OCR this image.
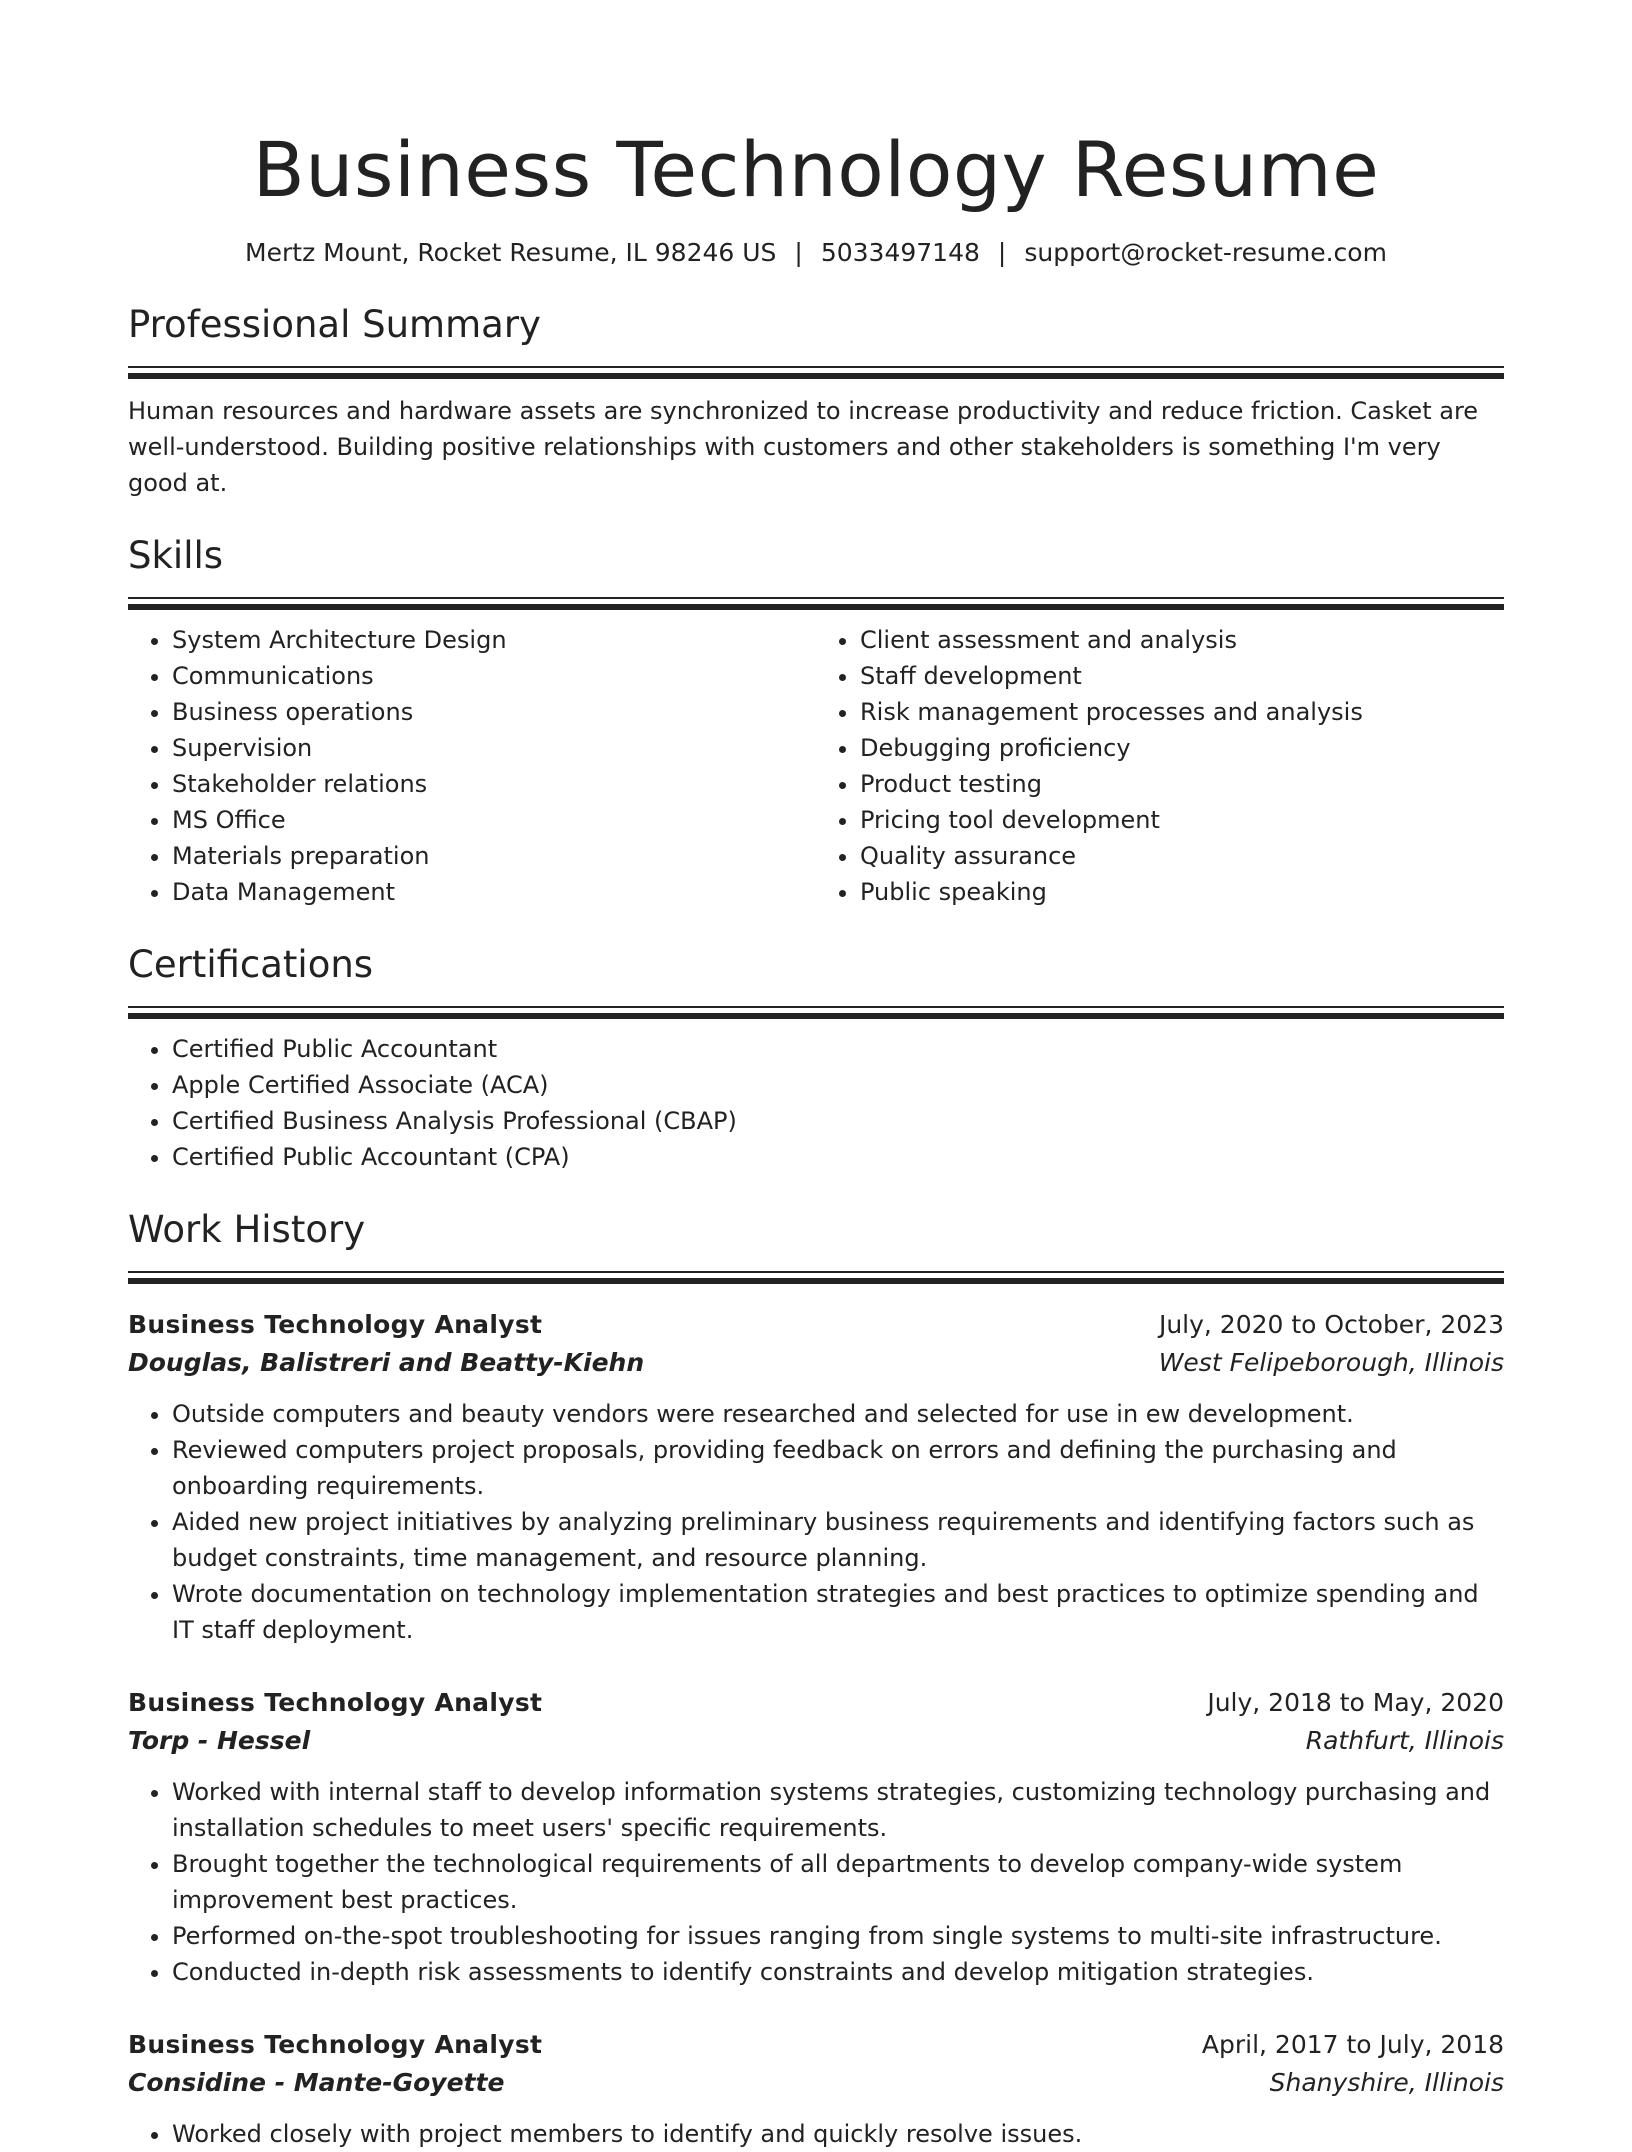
Business Technology Resume
Mertz Mount, Rocket Resume, IL 98246 US | 5033497148 | support@rocket-resume.com
Professional Summary
Human resources and hardware assets are synchronized to increase productivity and reduce friction. Casket are well-understood. Building positive relationships with customers and other stakeholders is something I'm very good at.
Skills
• System Architecture Design
• Communications
• Business operations
• Supervision
• Stakeholder relations
• MS Office
• Materials preparation
• Data Management
• Client assessment and analysis
• Staff development
• Risk management processes and analysis
• Debugging proficiency
• Product testing
• Pricing tool development
• Quality assurance
• Public speaking
Certifications
• Certified Public Accountant
• Apple Certified Associate (ACA)
• Certified Business Analysis Professional (CBAP)
• Certified Public Accountant (CPA)
Work History
Business Technology Analyst	July, 2020 to October, 2023
Douglas, Balistreri and Beatty-Kiehn	West Felipeborough, Illinois
• Outside computers and beauty vendors were researched and selected for use in ew development.
• Reviewed computers project proposals, providing feedback on errors and defining the purchasing and onboarding requirements.
• Aided new project initiatives by analyzing preliminary business requirements and identifying factors such as budget constraints, time management, and resource planning.
• Wrote documentation on technology implementation strategies and best practices to optimize spending and IT staff deployment.
Business Technology Analyst	July, 2018 to May, 2020
Torp - Hessel	Rathfurt, Illinois
• Worked with internal staff to develop information systems strategies, customizing technology purchasing and installation schedules to meet users' specific requirements.
• Brought together the technological requirements of all departments to develop company-wide system improvement best practices.
• Performed on-the-spot troubleshooting for issues ranging from single systems to multi-site infrastructure.
• Conducted in-depth risk assessments to identify constraints and develop mitigation strategies.
Business Technology Analyst	April, 2017 to July, 2018
Considine - Mante-Goyette	Shanyshire, Illinois
• Worked closely with project members to identify and quickly resolve issues.
